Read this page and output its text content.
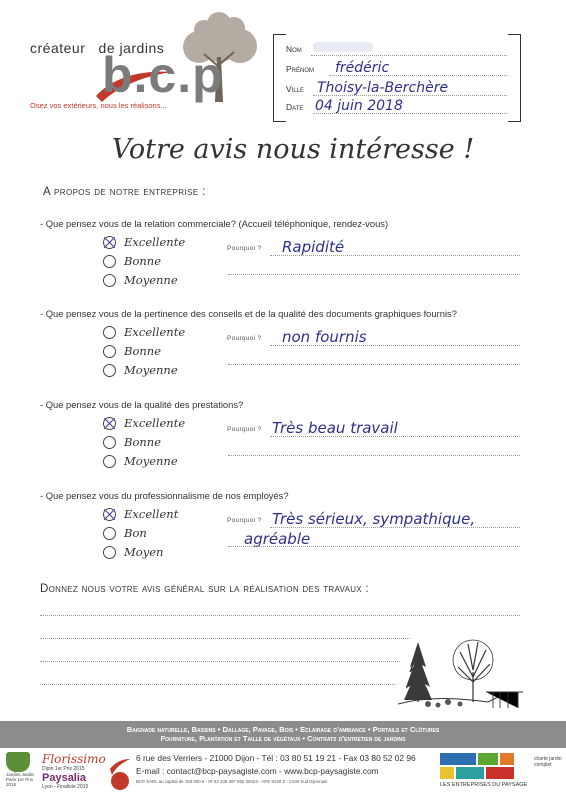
créateur   de jardins
b.c.p
Osez vos extérieurs, nous les réalisons...
Nom
Prénom frédéric
Ville Thoisy-la-Berchère
Date 04 juin 2018
Votre avis nous intéresse !
A propos de notre entreprise :
- Que pensez vous de la relation commerciale? (Accueil téléphonique, rendez-vous)
Excellente
Bonne
Moyenne
Pourquoi ? Rapidité
- Que pensez vous de la pertinence des conseils et de la qualité des documents graphiques fournis?
Excellente
Bonne
Moyenne
Pourquoi ? non fournis
- Que pensez vous de la qualité des prestations?
Excellente
Bonne
Moyenne
Pourquoi ? Très beau travail
- Que pensez vous du professionnalisme de nos employés?
Excellent
Bon
Moyen
Pourquoi ? Très sérieux, sympathique,
agréable
Donnez nous votre avis général sur la réalisation des travaux :
Baignade naturelle, Bassins • Dallage, Pavage, Bois • Eclairage d'ambiance • Portails et Clôtures
Fourniture, Plantation et Taille de végétaux • Contrats d'entretien de jardins
Jardins Jardin
Paris 1er Prix 2015
Florissimo
Dijon 1er Prix 2015
Paysalia
Lyon - Finaliste 2015
6 rue des Verriers - 21000 Dijon - Tél : 03 80 51 19 21 - Fax 03 80 52 02 96
E-mail : contact@bcp-paysagiste.com - www.bcp-paysagiste.com
BCP SARL au capital de 150 000 € - IR 53 439 397 662 00024 - APE 8130 Z - CCM Sud Dijonnais
LES ENTREPRISES DU PAYSAGE
charte jardin complet
